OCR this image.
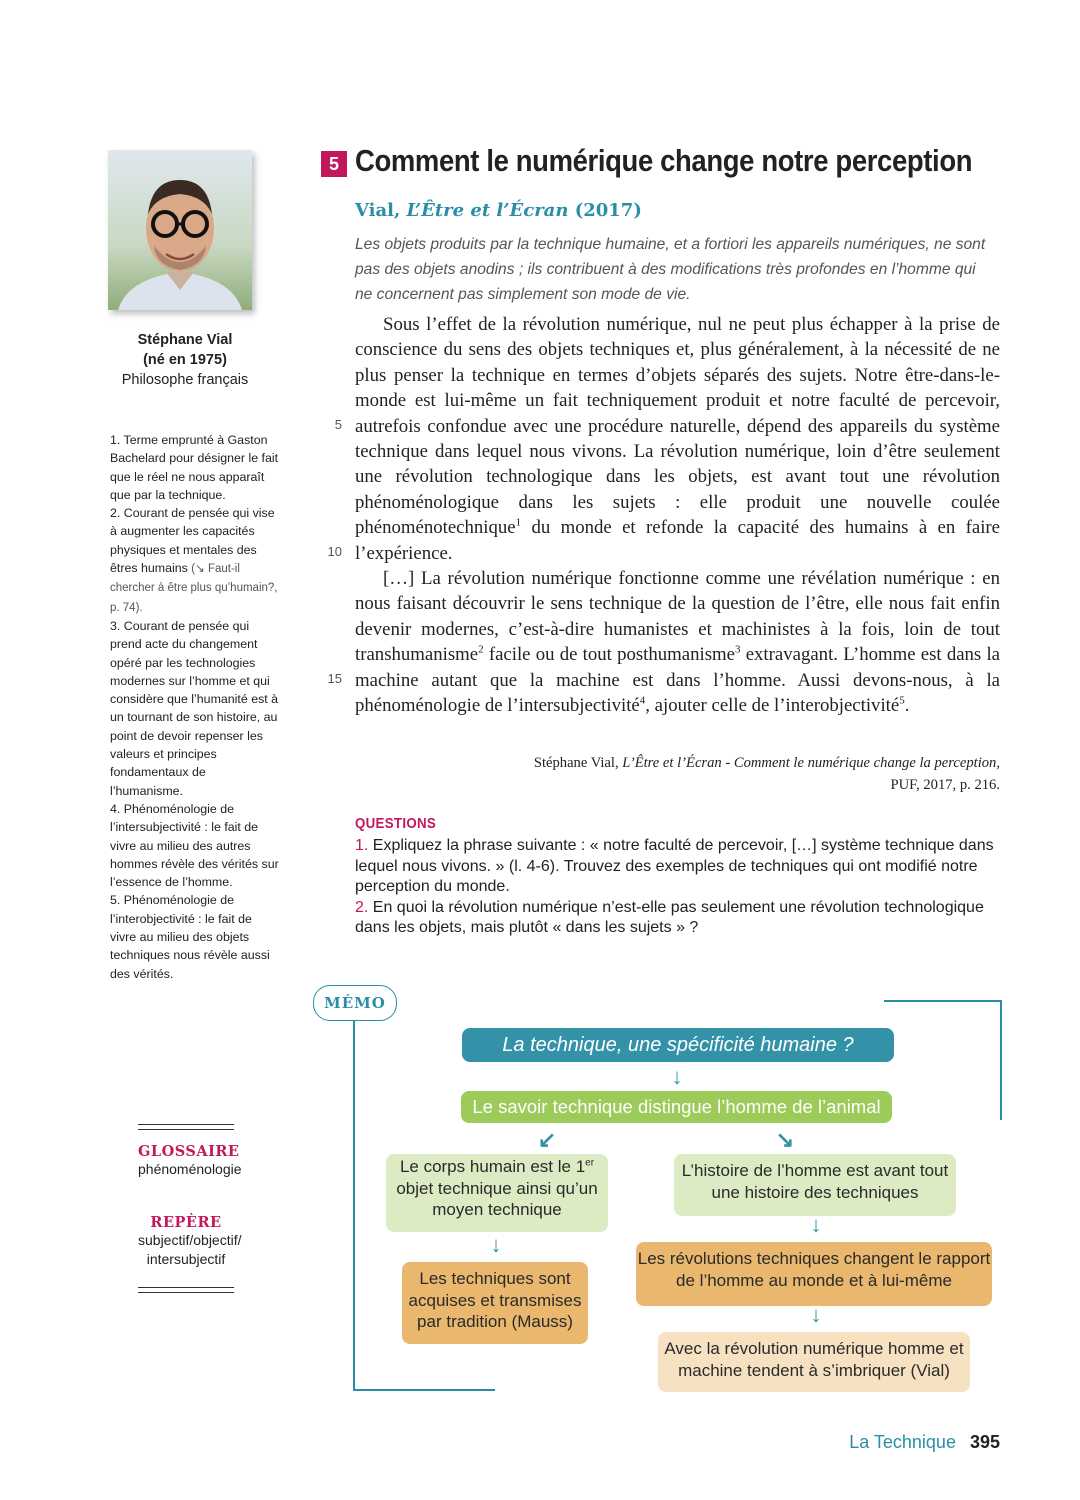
Stéphane Vial
(né en 1975)
Philosophe français

1. Terme emprunté à Gaston Bachelard pour désigner le fait que le réel ne nous apparaît que par la technique.

2. Courant de pensée qui vise à augmenter les capacités physiques et mentales des êtres humains (↘ Faut-il chercher à être plus qu’humain?, p. 74).

3. Courant de pensée qui prend acte du changement opéré par les technologies modernes sur l’homme et qui considère que l’humanité est à un tournant de son histoire, au point de devoir repenser les valeurs et principes fondamentaux de l’humanisme.

4. Phénoménologie de l’intersubjectivité : le fait de vivre au milieu des autres hommes révèle des vérités sur l’essence de l’homme.

5. Phénoménologie de l’interobjectivité : le fait de vivre au milieu des objets techniques nous révèle aussi des vérités.

GLOSSAIRE
phénoménologie
REPÈRE
subjectif/objectif/ intersubjectif
5 Comment le numérique change notre perception
Vial, L’Être et l’Écran (2017)
Les objets produits par la technique humaine, et a fortiori les appareils numériques, ne sont pas des objets anodins ; ils contribuent à des modifications très profondes en l’homme qui ne concernent pas simplement son mode de vie.

Sous l’effet de la révolution numérique, nul ne peut plus échapper à la prise de conscience du sens des objets techniques et, plus généralement, à la nécessité de ne plus penser la technique en termes d’objets séparés des sujets. Notre être-dans-le-monde est lui-même un fait techniquement produit et notre faculté de percevoir, autrefois confondue avec une procédure naturelle, dépend des appareils du système technique dans lequel nous vivons. La révolution numérique, loin d’être seulement une révolution technologique dans les objets, est avant tout une révolution phénoménologique dans les sujets : elle produit une nouvelle coulée phénoménotechnique$^1$ du monde et refonde la capacité des humains à en faire l’expérience.

[…] La révolution numérique fonctionne comme une révélation numérique : en nous faisant découvrir le sens technique de la question de l’être, elle nous fait enfin devenir modernes, c’est-à-dire humanistes et machinistes à la fois, loin de tout transhumanisme$^2$ facile ou de tout posthumanisme$^3$ extravagant. L’homme est dans la machine autant que la machine est dans l’homme. Aussi devons-nous, à la phénoménologie de l’intersubjectivité$^4$, ajouter celle de l’interobjectivité$^5$.

5
10
15
Stéphane Vial, L’Être et l’Écran - Comment le numérique change la perception,
PUF, 2017, p. 216.
QUESTIONS

1. Expliquez la phrase suivante : « notre faculté de percevoir, […] système technique dans lequel nous vivons. » (l. 4-6). Trouvez des exemples de techniques qui ont modifié notre perception du monde.

2. En quoi la révolution numérique n’est-elle pas seulement une révolution technologique dans les objets, mais plutôt « dans les sujets » ?

MÉMO
La technique, une spécificité humaine ?
↓
Le savoir technique distingue l’homme de l’animal
↙	↘
Le corps humain est le 1er objet technique ainsi qu’un moyen technique
↓
Les techniques sont acquises et transmises par tradition (Mauss)
L’histoire de l’homme est avant tout une histoire des techniques
↓
Les révolutions techniques changent le rapport de l’homme au monde et à lui-même
↓
Avec la révolution numérique homme et machine tendent à s’imbriquer (Vial)
La Technique 395
